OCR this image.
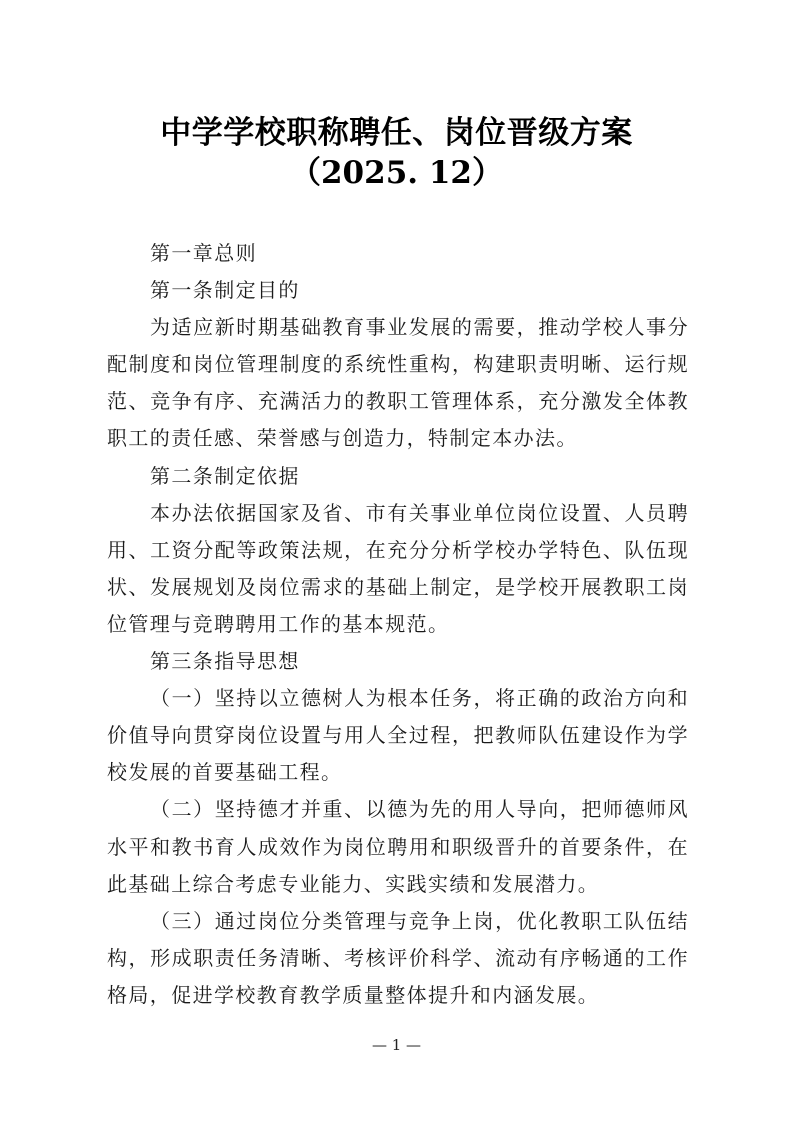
中学学校职称聘任、岗位晋级方案
（2025. 12）

第一章总则

第一条制定目的

为适应新时期基础教育事业发展的需要，推动学校人事分配制度和岗位管理制度的系统性重构，构建职责明晰、运行规范、竞争有序、充满活力的教职工管理体系，充分激发全体教职工的责任感、荣誉感与创造力，特制定本办法。

第二条制定依据

本办法依据国家及省、市有关事业单位岗位设置、人员聘用、工资分配等政策法规，在充分分析学校办学特色、队伍现状、发展规划及岗位需求的基础上制定，是学校开展教职工岗位管理与竞聘聘用工作的基本规范。

第三条指导思想

（一）坚持以立德树人为根本任务，将正确的政治方向和价值导向贯穿岗位设置与用人全过程，把教师队伍建设作为学校发展的首要基础工程。

（二）坚持德才并重、以德为先的用人导向，把师德师风水平和教书育人成效作为岗位聘用和职级晋升的首要条件，在此基础上综合考虑专业能力、实践实绩和发展潜力。

（三）通过岗位分类管理与竞争上岗，优化教职工队伍结构，形成职责任务清晰、考核评价科学、流动有序畅通的工作格局，促进学校教育教学质量整体提升和内涵发展。

— 1 —
